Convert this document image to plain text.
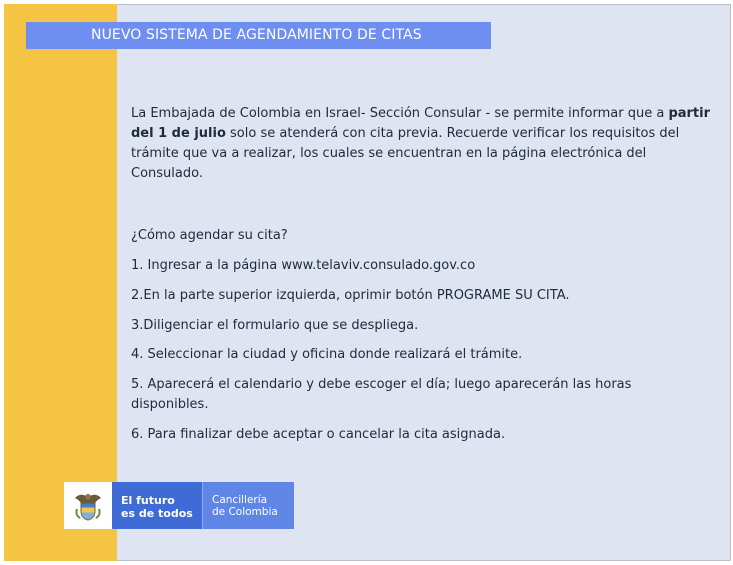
NUEVO SISTEMA DE AGENDAMIENTO DE CITAS

La Embajada de Colombia en Israel- Sección Consular - se permite informar que a partir del 1 de julio solo se atenderá con cita previa. Recuerde verificar los requisitos del trámite que va a realizar, los cuales se encuentran en la página electrónica del Consulado.

¿Cómo agendar su cita?
1. Ingresar a la página www.telaviv.consulado.gov.co
2.En la parte superior izquierda, oprimir botón PROGRAME SU CITA.
3.Diligenciar el formulario que se despliega.
4. Seleccionar la ciudad y oficina donde realizará el trámite.
5. Aparecerá el calendario y debe escoger el día; luego aparecerán las horas disponibles.
6. Para finalizar debe aceptar o cancelar la cita asignada.
El futuro
es de todos
Cancillería
de Colombia
